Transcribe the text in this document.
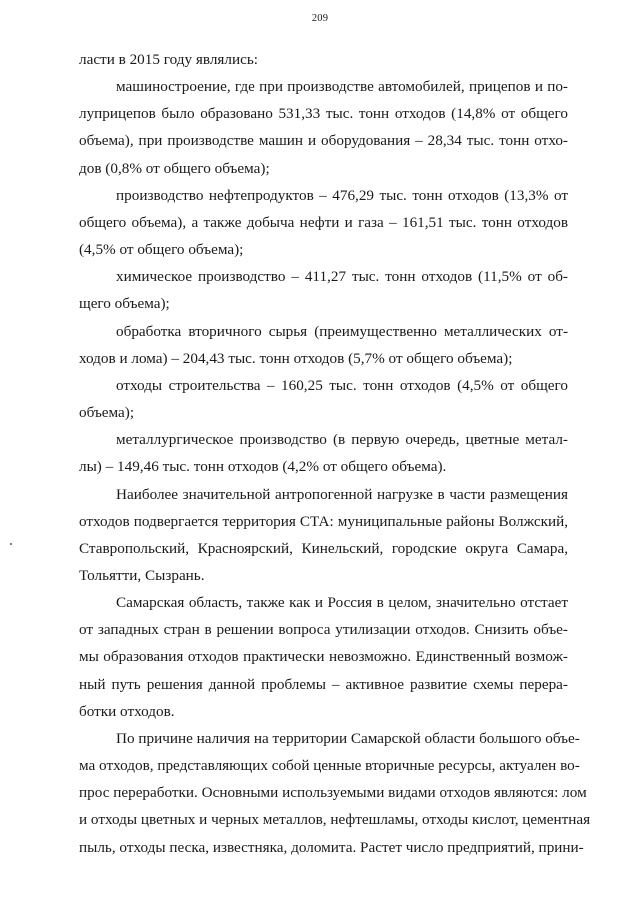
209
ласти в 2015 году являлись:
машиностроение, где при производстве автомобилей, прицепов и по-
луприцепов было образовано 531,33 тыс. тонн отходов (14,8% от общего
объема), при производстве машин и оборудования – 28,34 тыс. тонн отхо-
дов (0,8% от общего объема);
производство нефтепродуктов – 476,29 тыс. тонн отходов (13,3% от
общего объема), а также добыча нефти и газа – 161,51 тыс. тонн отходов
(4,5% от общего объема);
химическое производство – 411,27 тыс. тонн отходов (11,5% от об-
щего объема);
обработка вторичного сырья (преимущественно металлических от-
ходов и лома) – 204,43 тыс. тонн отходов (5,7% от общего объема);
отходы строительства – 160,25 тыс. тонн отходов (4,5% от общего
объема);
металлургическое производство (в первую очередь, цветные метал-
лы) – 149,46 тыс. тонн отходов (4,2% от общего объема).
Наиболее значительной антропогенной нагрузке в части размещения
отходов подвергается территория СТА: муниципальные районы Волжский,
Ставропольский, Красноярский, Кинельский, городские округа Самара,
Тольятти, Сызрань.
Самарская область, также как и Россия в целом, значительно отстает
от западных стран в решении вопроса утилизации отходов. Снизить объе-
мы образования отходов практически невозможно. Единственный возмож-
ный путь решения данной проблемы – активное развитие схемы перера-
ботки отходов.
По причине наличия на территории Самарской области большого объе-
ма отходов, представляющих собой ценные вторичные ресурсы, актуален во-
прос переработки. Основными используемыми видами отходов являются: лом
и отходы цветных и черных металлов, нефтешламы, отходы кислот, цементная
пыль, отходы песка, известняка, доломита. Растет число предприятий, прини-
